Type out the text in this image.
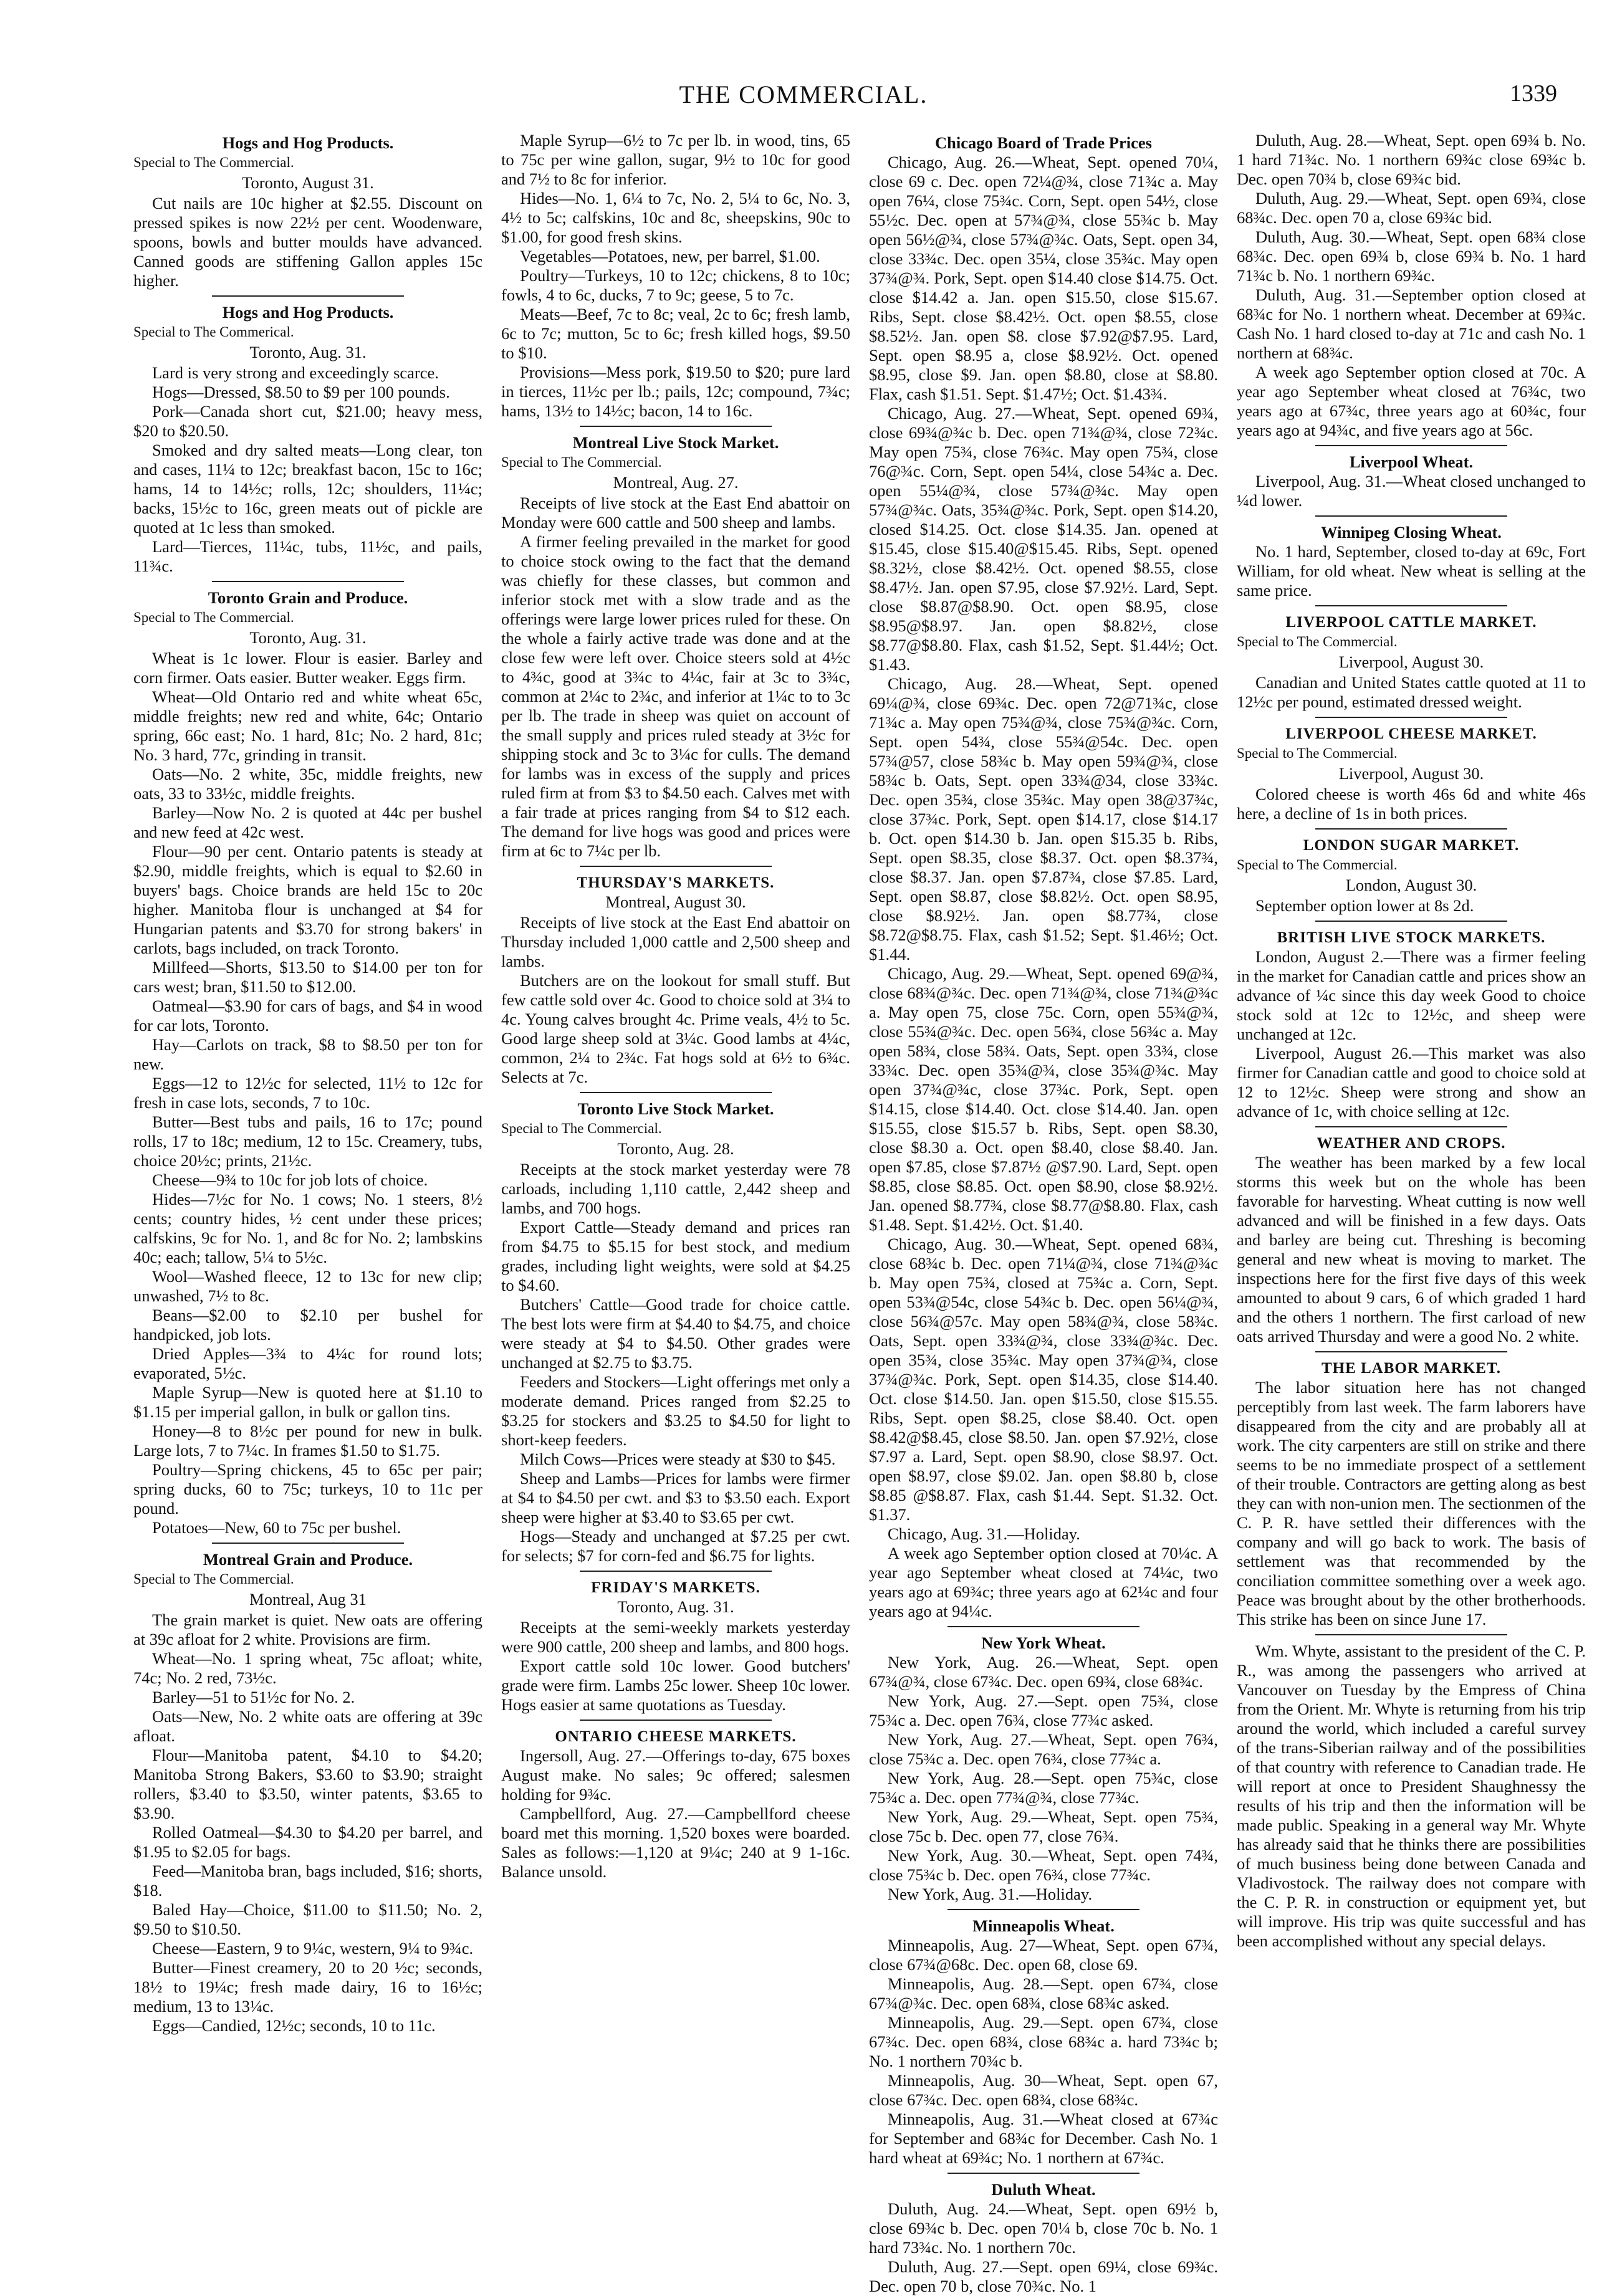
THE COMMERCIAL.	1339
Hogs and Hog Products.
Special to The Commercial.
Toronto, August 31.

Cut nails are 10c higher at $2.55. Discount on pressed spikes is now 22½ per cent. Woodenware, spoons, bowls and butter moulds have advanced. Canned goods are stiffening Gallon apples 15c higher.

Hogs and Hog Products.
Special to The Commerical.
Toronto, Aug. 31.

Lard is very strong and exceedingly scarce.

Hogs—Dressed, $8.50 to $9 per 100 pounds.

Pork—Canada short cut, $21.00; heavy mess, $20 to $20.50.

Smoked and dry salted meats—Long clear, ton and cases, 11¼ to 12c; breakfast bacon, 15c to 16c; hams, 14 to 14½c; rolls, 12c; shoulders, 11¼c; backs, 15½c to 16c, green meats out of pickle are quoted at 1c less than smoked.

Lard—Tierces, 11¼c, tubs, 11½c, and pails, 11¾c.

Toronto Grain and Produce.
Special to The Commercial.
Toronto, Aug. 31.

Wheat is 1c lower. Flour is easier. Barley and corn firmer. Oats easier. Butter weaker. Eggs firm.

Wheat—Old Ontario red and white wheat 65c, middle freights; new red and white, 64c; Ontario spring, 66c east; No. 1 hard, 81c; No. 2 hard, 81c; No. 3 hard, 77c, grinding in transit.

Oats—No. 2 white, 35c, middle freights, new oats, 33 to 33½c, middle freights.

Barley—Now No. 2 is quoted at 44c per bushel and new feed at 42c west.

Flour—90 per cent. Ontario patents is steady at $2.90, middle freights, which is equal to $2.60 in buyers' bags. Choice brands are held 15c to 20c higher. Manitoba flour is unchanged at $4 for Hungarian patents and $3.70 for strong bakers' in carlots, bags included, on track Toronto.

Millfeed—Shorts, $13.50 to $14.00 per ton for cars west; bran, $11.50 to $12.00.

Oatmeal—$3.90 for cars of bags, and $4 in wood for car lots, Toronto.

Hay—Carlots on track, $8 to $8.50 per ton for new.

Eggs—12 to 12½c for selected, 11½ to 12c for fresh in case lots, seconds, 7 to 10c.

Butter—Best tubs and pails, 16 to 17c; pound rolls, 17 to 18c; medium, 12 to 15c. Creamery, tubs, choice 20½c; prints, 21½c.

Cheese—9¾ to 10c for job lots of choice.

Hides—7½c for No. 1 cows; No. 1 steers, 8½ cents; country hides, ½ cent under these prices; calfskins, 9c for No. 1, and 8c for No. 2; lambskins 40c; each; tallow, 5¼ to 5½c.

Wool—Washed fleece, 12 to 13c for new clip; unwashed, 7½ to 8c.

Beans—$2.00 to $2.10 per bushel for handpicked, job lots.

Dried Apples—3¾ to 4¼c for round lots; evaporated, 5½c.

Maple Syrup—New is quoted here at $1.10 to $1.15 per imperial gallon, in bulk or gallon tins.

Honey—8 to 8½c per pound for new in bulk. Large lots, 7 to 7¼c. In frames $1.50 to $1.75.

Poultry—Spring chickens, 45 to 65c per pair; spring ducks, 60 to 75c; turkeys, 10 to 11c per pound.

Potatoes—New, 60 to 75c per bushel.

Montreal Grain and Produce.
Special to The Commercial.
Montreal, Aug 31

The grain market is quiet. New oats are offering at 39c afloat for 2 white. Provisions are firm.

Wheat—No. 1 spring wheat, 75c afloat; white, 74c; No. 2 red, 73½c.

Barley—51 to 51½c for No. 2.

Oats—New, No. 2 white oats are offering at 39c afloat.

Flour—Manitoba patent, $4.10 to $4.20; Manitoba Strong Bakers, $3.60 to $3.90; straight rollers, $3.40 to $3.50, winter patents, $3.65 to $3.90.

Rolled Oatmeal—$4.30 to $4.20 per barrel, and $1.95 to $2.05 for bags.

Feed—Manitoba bran, bags included, $16; shorts, $18.

Baled Hay—Choice, $11.00 to $11.50; No. 2, $9.50 to $10.50.

Cheese—Eastern, 9 to 9¼c, western, 9¼ to 9¾c.

Butter—Finest creamery, 20 to 20 ½c; seconds, 18½ to 19¼c; fresh made dairy, 16 to 16½c; medium, 13 to 13¼c.

Eggs—Candied, 12½c; seconds, 10 to 11c.

Maple Syrup—6½ to 7c per lb. in wood, tins, 65 to 75c per wine gallon, sugar, 9½ to 10c for good and 7½ to 8c for inferior.

Hides—No. 1, 6¼ to 7c, No. 2, 5¼ to 6c, No. 3, 4½ to 5c; calfskins, 10c and 8c, sheepskins, 90c to $1.00, for good fresh skins.

Vegetables—Potatoes, new, per barrel, $1.00.

Poultry—Turkeys, 10 to 12c; chickens, 8 to 10c; fowls, 4 to 6c, ducks, 7 to 9c; geese, 5 to 7c.

Meats—Beef, 7c to 8c; veal, 2c to 6c; fresh lamb, 6c to 7c; mutton, 5c to 6c; fresh killed hogs, $9.50 to $10.

Provisions—Mess pork, $19.50 to $20; pure lard in tierces, 11½c per lb.; pails, 12c; compound, 7¾c; hams, 13½ to 14½c; bacon, 14 to 16c.

Montreal Live Stock Market.
Special to The Commercial.
Montreal, Aug. 27.

Receipts of live stock at the East End abattoir on Monday were 600 cattle and 500 sheep and lambs.

A firmer feeling prevailed in the market for good to choice stock owing to the fact that the demand was chiefly for these classes, but common and inferior stock met with a slow trade and as the offerings were large lower prices ruled for these. On the whole a fairly active trade was done and at the close few were left over. Choice steers sold at 4½c to 4¾c, good at 3¾c to 4¼c, fair at 3c to 3¾c, common at 2¼c to 2¾c, and inferior at 1¼c to to 3c per lb. The trade in sheep was quiet on account of the small supply and prices ruled steady at 3½c for shipping stock and 3c to 3¼c for culls. The demand for lambs was in excess of the supply and prices ruled firm at from $3 to $4.50 each. Calves met with a fair trade at prices ranging from $4 to $12 each. The demand for live hogs was good and prices were firm at 6c to 7¼c per lb.

THURSDAY'S MARKETS.
Montreal, August 30.

Receipts of live stock at the East End abattoir on Thursday included 1,000 cattle and 2,500 sheep and lambs.

Butchers are on the lookout for small stuff. But few cattle sold over 4c. Good to choice sold at 3¼ to 4c. Young calves brought 4c. Prime veals, 4½ to 5c. Good large sheep sold at 3¼c. Good lambs at 4¼c, common, 2¼ to 2¾c. Fat hogs sold at 6½ to 6¾c. Selects at 7c.

Toronto Live Stock Market.
Special to The Commercial.
Toronto, Aug. 28.

Receipts at the stock market yesterday were 78 carloads, including 1,110 cattle, 2,442 sheep and lambs, and 700 hogs.

Export Cattle—Steady demand and prices ran from $4.75 to $5.15 for best stock, and medium grades, including light weights, were sold at $4.25 to $4.60.

Butchers' Cattle—Good trade for choice cattle. The best lots were firm at $4.40 to $4.75, and choice were steady at $4 to $4.50. Other grades were unchanged at $2.75 to $3.75.

Feeders and Stockers—Light offerings met only a moderate demand. Prices ranged from $2.25 to $3.25 for stockers and $3.25 to $4.50 for light to short-keep feeders.

Milch Cows—Prices were steady at $30 to $45.

Sheep and Lambs—Prices for lambs were firmer at $4 to $4.50 per cwt. and $3 to $3.50 each. Export sheep were higher at $3.40 to $3.65 per cwt.

Hogs—Steady and unchanged at $7.25 per cwt. for selects; $7 for corn-fed and $6.75 for lights.

FRIDAY'S MARKETS.
Toronto, Aug. 31.

Receipts at the semi-weekly markets yesterday were 900 cattle, 200 sheep and lambs, and 800 hogs.

Export cattle sold 10c lower. Good butchers' grade were firm. Lambs 25c lower. Sheep 10c lower. Hogs easier at same quotations as Tuesday.

ONTARIO CHEESE MARKETS.

Ingersoll, Aug. 27.—Offerings to-day, 675 boxes August make. No sales; 9c offered; salesmen holding for 9¾c.

Campbellford, Aug. 27.—Campbellford cheese board met this morning. 1,520 boxes were boarded. Sales as follows:—1,120 at 9¼c; 240 at 9 1-16c. Balance unsold.

Chicago Board of Trade Prices

Chicago, Aug. 26.—Wheat, Sept. opened 70¼, close 69 c. Dec. open 72¼@¾, close 71¾c a. May open 76¼, close 75¾c. Corn, Sept. open 54½, close 55½c. Dec. open at 57¾@¾, close 55¾c b. May open 56½@¾, close 57¾@¾c. Oats, Sept. open 34, close 33¾c. Dec. open 35¼, close 35¾c. May open 37¾@¾. Pork, Sept. open $14.40 close $14.75. Oct. close $14.42 a. Jan. open $15.50, close $15.67. Ribs, Sept. close $8.42½. Oct. open $8.55, close $8.52½. Jan. open $8. close $7.92@$7.95. Lard, Sept. open $8.95 a, close $8.92½. Oct. opened $8.95, close $9. Jan. open $8.80, close at $8.80. Flax, cash $1.51. Sept. $1.47½; Oct. $1.43¾.

Chicago, Aug. 27.—Wheat, Sept. opened 69¾, close 69¾@¾c b. Dec. open 71¾@¾, close 72¾c. May open 75¾, close 76¾c. May open 75¾, close 76@¾c. Corn, Sept. open 54¼, close 54¾c a. Dec. open 55¼@¾, close 57¾@¾c. May open 57¾@¾c. Oats, 35¾@¾c. Pork, Sept. open $14.20, closed $14.25. Oct. close $14.35. Jan. opened at $15.45, close $15.40@$15.45. Ribs, Sept. opened $8.32½, close $8.42½. Oct. opened $8.55, close $8.47½. Jan. open $7.95, close $7.92½. Lard, Sept. close $8.87@$8.90. Oct. open $8.95, close $8.95@$8.97. Jan. open $8.82½, close $8.77@$8.80. Flax, cash $1.52, Sept. $1.44½; Oct. $1.43.

Chicago, Aug. 28.—Wheat, Sept. opened 69¼@¾, close 69¾c. Dec. open 72@71¾c, close 71¾c a. May open 75¾@¾, close 75¾@¾c. Corn, Sept. open 54¾, close 55¾@54c. Dec. open 57¾@57, close 58¾c b. May open 59¾@¾, close 58¾c b. Oats, Sept. open 33¾@34, close 33¾c. Dec. open 35¾, close 35¾c. May open 38@37¾c, close 37¾c. Pork, Sept. open $14.17, close $14.17 b. Oct. open $14.30 b. Jan. open $15.35 b. Ribs, Sept. open $8.35, close $8.37. Oct. open $8.37¾, close $8.37. Jan. open $7.87¾, close $7.85. Lard, Sept. open $8.87, close $8.82½. Oct. open $8.95, close $8.92½. Jan. open $8.77¾, close $8.72@$8.75. Flax, cash $1.52; Sept. $1.46½; Oct. $1.44.

Chicago, Aug. 29.—Wheat, Sept. opened 69@¾, close 68¾@¾c. Dec. open 71¾@¾, close 71¾@¾c a. May open 75, close 75c. Corn, open 55¾@¾, close 55¾@¾c. Dec. open 56¾, close 56¾c a. May open 58¾, close 58¾. Oats, Sept. open 33¾, close 33¾c. Dec. open 35¾@¾, close 35¾@¾c. May open 37¾@¾c, close 37¾c. Pork, Sept. open $14.15, close $14.40. Oct. close $14.40. Jan. open $15.55, close $15.57 b. Ribs, Sept. open $8.30, close $8.30 a. Oct. open $8.40, close $8.40. Jan. open $7.85, close $7.87½ @$7.90. Lard, Sept. open $8.85, close $8.85. Oct. open $8.90, close $8.92½. Jan. opened $8.77¾, close $8.77@$8.80. Flax, cash $1.48. Sept. $1.42½. Oct. $1.40.

Chicago, Aug. 30.—Wheat, Sept. opened 68¾, close 68¾c b. Dec. open 71¼@¾, close 71¾@¾c b. May open 75¾, closed at 75¾c a. Corn, Sept. open 53¾@54c, close 54¾c b. Dec. open 56¼@¾, close 56¾@57c. May open 58¾@¾, close 58¾c. Oats, Sept. open 33¾@¾, close 33¾@¾c. Dec. open 35¾, close 35¾c. May open 37¾@¾, close 37¾@¾c. Pork, Sept. open $14.35, close $14.40. Oct. close $14.50. Jan. open $15.50, close $15.55. Ribs, Sept. open $8.25, close $8.40. Oct. open $8.42@$8.45, close $8.50. Jan. open $7.92½, close $7.97 a. Lard, Sept. open $8.90, close $8.97. Oct. open $8.97, close $9.02. Jan. open $8.80 b, close $8.85 @$8.87. Flax, cash $1.44. Sept. $1.32. Oct. $1.37.

Chicago, Aug. 31.—Holiday.

A week ago September option closed at 70¼c. A year ago September wheat closed at 74¼c, two years ago at 69¾c; three years ago at 62¼c and four years ago at 94¼c.

New York Wheat.

New York, Aug. 26.—Wheat, Sept. open 67¾@¾, close 67¾c. Dec. open 69¾, close 68¾c.

New York, Aug. 27.—Sept. open 75¾, close 75¾c a. Dec. open 76¾, close 77¾c asked.

New York, Aug. 27.—Wheat, Sept. open 76¾, close 75¾c a. Dec. open 76¾, close 77¾c a.

New York, Aug. 28.—Sept. open 75¾c, close 75¾c a. Dec. open 77¾@¾, close 77¾c.

New York, Aug. 29.—Wheat, Sept. open 75¾, close 75c b. Dec. open 77, close 76¾.

New York, Aug. 30.—Wheat, Sept. open 74¾, close 75¾c b. Dec. open 76¾, close 77¾c.

New York, Aug. 31.—Holiday.

Minneapolis Wheat.

Minneapolis, Aug. 27—Wheat, Sept. open 67¾, close 67¾@68c. Dec. open 68, close 69.

Minneapolis, Aug. 28.—Sept. open 67¾, close 67¾@¾c. Dec. open 68¾, close 68¾c asked.

Minneapolis, Aug. 29.—Sept. open 67¾, close 67¾c. Dec. open 68¾, close 68¾c a. hard 73¾c b; No. 1 northern 70¾c b.

Minneapolis, Aug. 30—Wheat, Sept. open 67, close 67¾c. Dec. open 68¾, close 68¾c.

Minneapolis, Aug. 31.—Wheat closed at 67¾c for September and 68¾c for December. Cash No. 1 hard wheat at 69¾c; No. 1 northern at 67¾c.

Duluth Wheat.

Duluth, Aug. 24.—Wheat, Sept. open 69½ b, close 69¾c b. Dec. open 70¼ b, close 70c b. No. 1 hard 73¾c. No. 1 northern 70c.

Duluth, Aug. 27.—Sept. open 69¼, close 69¾c. Dec. open 70 b, close 70¾c. No. 1

Duluth, Aug. 28.—Wheat, Sept. open 69¾ b. No. 1 hard 71¾c. No. 1 northern 69¾c close 69¾c b. Dec. open 70¾ b, close 69¾c bid.

Duluth, Aug. 29.—Wheat, Sept. open 69¾, close 68¾c. Dec. open 70 a, close 69¾c bid.

Duluth, Aug. 30.—Wheat, Sept. open 68¾ close 68¾c. Dec. open 69¾ b, close 69¾ b. No. 1 hard 71¾c b. No. 1 northern 69¾c.

Duluth, Aug. 31.—September option closed at 68¾c for No. 1 northern wheat. December at 69¾c. Cash No. 1 hard closed to-day at 71c and cash No. 1 northern at 68¾c.

A week ago September option closed at 70c. A year ago September wheat closed at 76¾c, two years ago at 67¾c, three years ago at 60¾c, four years ago at 94¾c, and five years ago at 56c.

Liverpool Wheat.

Liverpool, Aug. 31.—Wheat closed unchanged to ¼d lower.

Winnipeg Closing Wheat.

No. 1 hard, September, closed to-day at 69c, Fort William, for old wheat. New wheat is selling at the same price.

LIVERPOOL CATTLE MARKET.
Special to The Commercial.
Liverpool, August 30.

Canadian and United States cattle quoted at 11 to 12½c per pound, estimated dressed weight.

LIVERPOOL CHEESE MARKET.
Special to The Commercial.
Liverpool, August 30.

Colored cheese is worth 46s 6d and white 46s here, a decline of 1s in both prices.

LONDON SUGAR MARKET.
Special to The Commercial.
London, August 30.

September option lower at 8s 2d.

BRITISH LIVE STOCK MARKETS.

London, August 2.—There was a firmer feeling in the market for Canadian cattle and prices show an advance of ¼c since this day week Good to choice stock sold at 12c to 12½c, and sheep were unchanged at 12c.

Liverpool, August 26.—This market was also firmer for Canadian cattle and good to choice sold at 12 to 12½c. Sheep were strong and show an advance of 1c, with choice selling at 12c.

WEATHER AND CROPS.

The weather has been marked by a few local storms this week but on the whole has been favorable for harvesting. Wheat cutting is now well advanced and will be finished in a few days. Oats and barley are being cut. Threshing is becoming general and new wheat is moving to market. The inspections here for the first five days of this week amounted to about 9 cars, 6 of which graded 1 hard and the others 1 northern. The first carload of new oats arrived Thursday and were a good No. 2 white.

THE LABOR MARKET.

The labor situation here has not changed perceptibly from last week. The farm laborers have disappeared from the city and are probably all at work. The city carpenters are still on strike and there seems to be no immediate prospect of a settlement of their trouble. Contractors are getting along as best they can with non-union men. The sectionmen of the C. P. R. have settled their differences with the company and will go back to work. The basis of settlement was that recommended by the conciliation committee something over a week ago. Peace was brought about by the other brotherhoods. This strike has been on since June 17.

Wm. Whyte, assistant to the president of the C. P. R., was among the passengers who arrived at Vancouver on Tuesday by the Empress of China from the Orient. Mr. Whyte is returning from his trip around the world, which included a careful survey of the trans-Siberian railway and of the possibilities of that country with reference to Canadian trade. He will report at once to President Shaughnessy the results of his trip and then the information will be made public. Speaking in a general way Mr. Whyte has already said that he thinks there are possibilities of much business being done between Canada and Vladivostock. The railway does not compare with the C. P. R. in construction or equipment yet, but will improve. His trip was quite successful and has been accomplished without any special delays.
